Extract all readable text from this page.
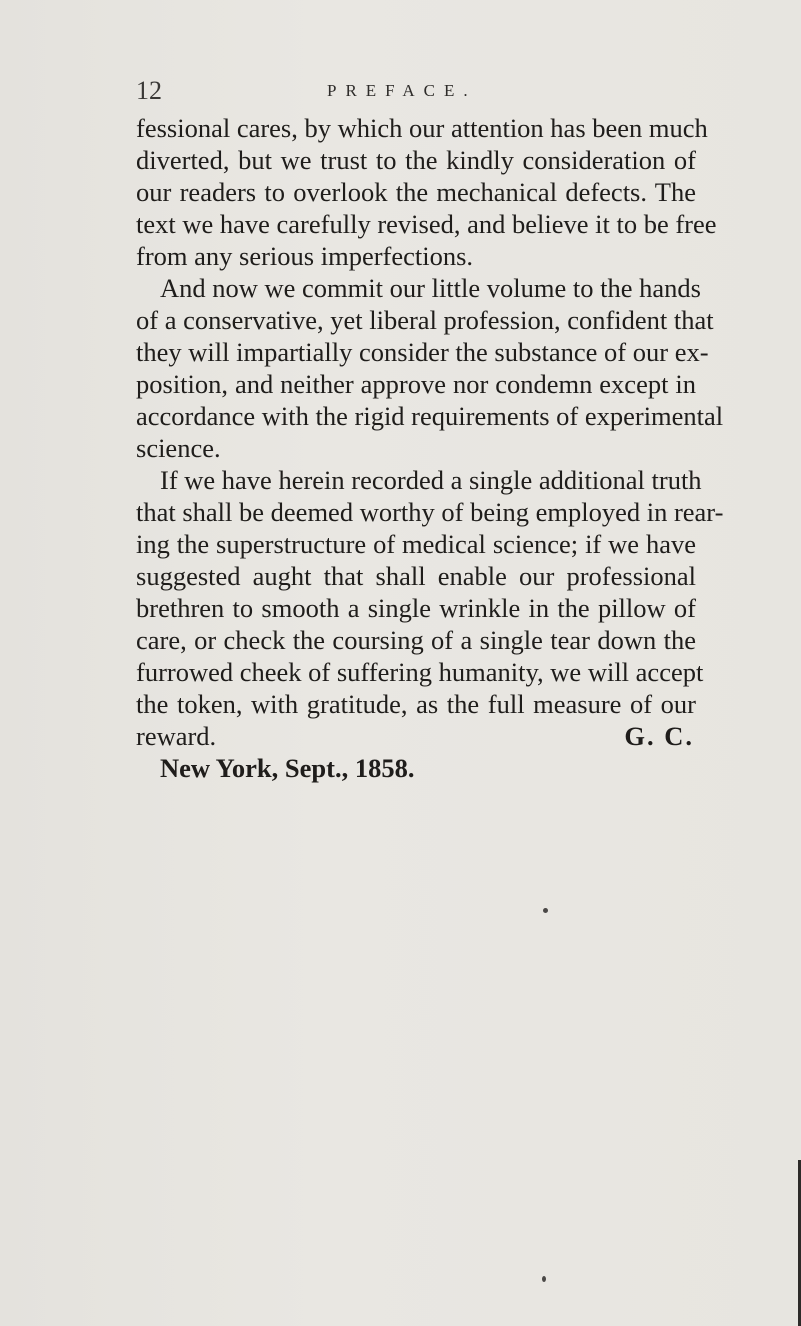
12	PREFACE.
fessional cares, by which our attention has been much
diverted, but we trust to the kindly consideration of
our readers to overlook the mechanical defects. The
text we have carefully revised, and believe it to be free
from any serious imperfections.
And now we commit our little volume to the hands
of a conservative, yet liberal profession, confident that
they will impartially consider the substance of our ex-
position, and neither approve nor condemn except in
accordance with the rigid requirements of experimental
science.
If we have herein recorded a single additional truth
that shall be deemed worthy of being employed in rear-
ing the superstructure of medical science; if we have
suggested aught that shall enable our professional
brethren to smooth a single wrinkle in the pillow of
care, or check the coursing of a single tear down the
furrowed cheek of suffering humanity, we will accept
the token, with gratitude, as the full measure of our
reward.	G. C.
New York, Sept., 1858.
